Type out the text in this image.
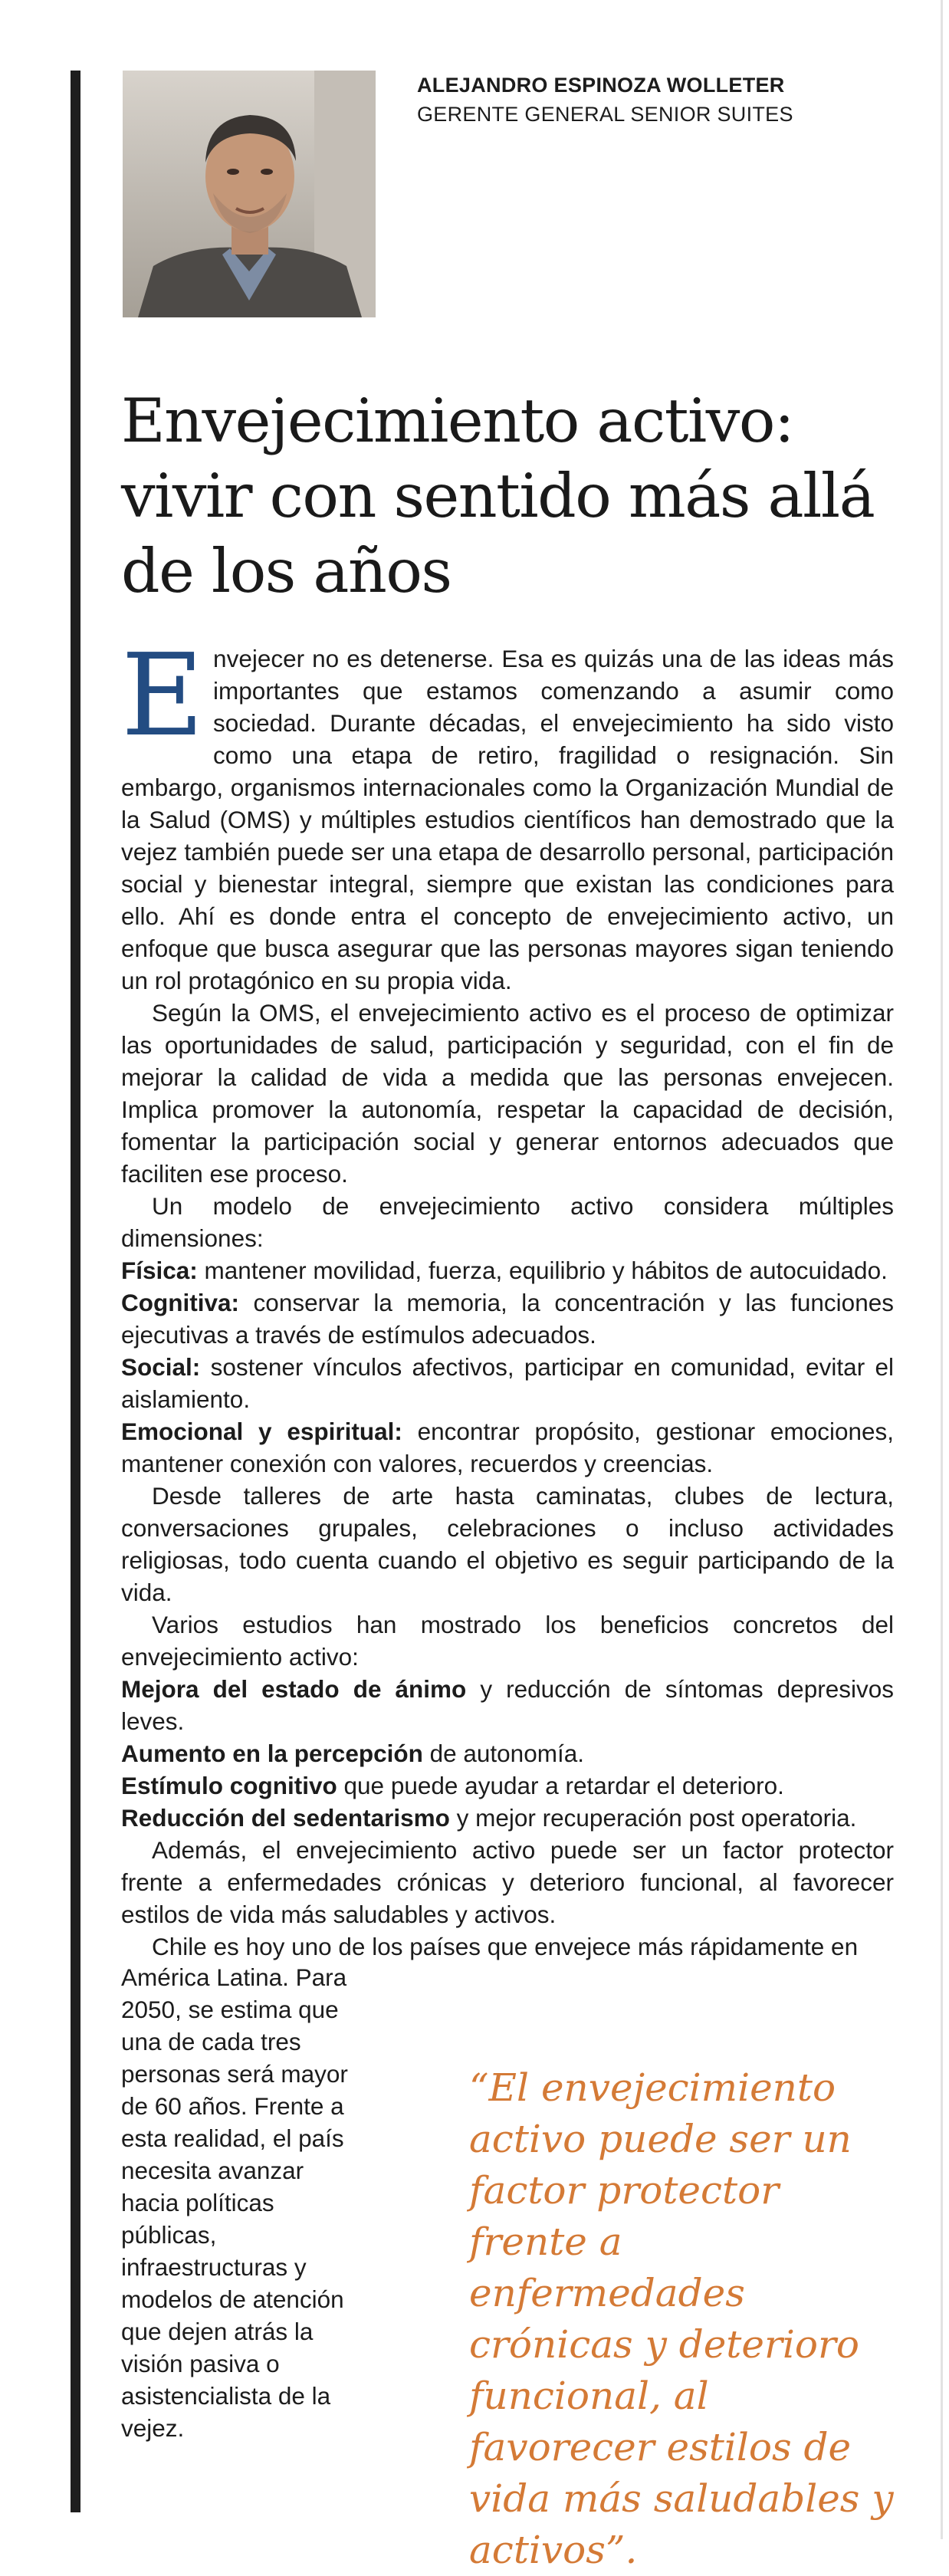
ALEJANDRO ESPINOZA WOLLETER
GERENTE GENERAL SENIOR SUITES
Envejecimiento activo: vivir con sentido más allá de los años

Envejecer no es detenerse. Esa es quizás una de las ideas más importantes que estamos comenzando a asumir como sociedad. Durante décadas, el envejecimiento ha sido visto como una etapa de retiro, fragilidad o resignación. Sin embargo, organismos internacionales como la Organización Mundial de la Salud (OMS) y múltiples estudios científicos han demostrado que la vejez también puede ser una etapa de desarrollo personal, participación social y bienestar integral, siempre que existan las condiciones para ello. Ahí es donde entra el concepto de envejecimiento activo, un enfoque que busca asegurar que las personas mayores sigan teniendo un rol protagónico en su propia vida.

Según la OMS, el envejecimiento activo es el proceso de optimizar las oportunidades de salud, participación y seguridad, con el fin de mejorar la calidad de vida a medida que las personas envejecen. Implica promover la autonomía, respetar la capacidad de decisión, fomentar la participación social y generar entornos adecuados que faciliten ese proceso.

Un modelo de envejecimiento activo considera múltiples dimensiones:

Física: mantener movilidad, fuerza, equilibrio y hábitos de autocuidado.

Cognitiva: conservar la memoria, la concentración y las funciones ejecutivas a través de estímulos adecuados.

Social: sostener vínculos afectivos, participar en comunidad, evitar el aislamiento.

Emocional y espiritual: encontrar propósito, gestionar emociones, mantener conexión con valores, recuerdos y creencias.

Desde talleres de arte hasta caminatas, clubes de lectura, conversaciones grupales, celebraciones o incluso actividades religiosas, todo cuenta cuando el objetivo es seguir participando de la vida.

Varios estudios han mostrado los beneficios concretos del envejecimiento activo:

Mejora del estado de ánimo y reducción de síntomas depresivos leves.

Aumento en la percepción de autonomía.

Estímulo cognitivo que puede ayudar a retardar el deterioro.

Reducción del sedentarismo y mejor recuperación post operatoria.

Además, el envejecimiento activo puede ser un factor protector frente a enfermedades crónicas y deterioro funcional, al favorecer estilos de vida más saludables y activos.

Chile es hoy uno de los países que envejece más rápidamente en

América Latina. Para 2050, se estima que una de cada tres personas será mayor de 60 años. Frente a esta realidad, el país necesita avanzar hacia políticas públicas, infraestructuras y modelos de atención que dejen atrás la visión pasiva o asistencialista de la vejez.

“El envejecimiento activo puede ser un factor protector frente a enfermedades crónicas y deterioro funcional, al favorecer estilos de vida más saludables y activos”.
